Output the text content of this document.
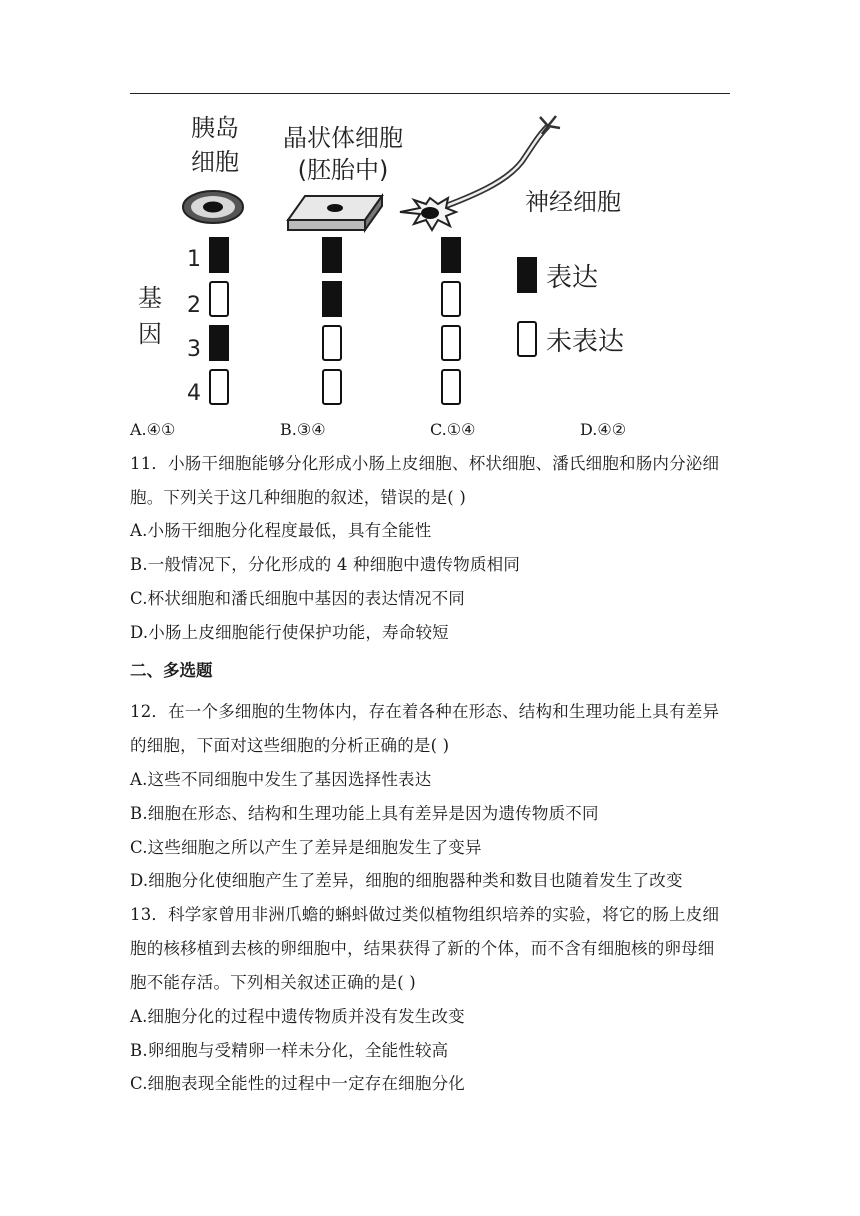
胰岛
细胞
晶状体细胞
(胚胎中)
神经细胞
基
因
1
2
3
4
表达
未表达
A.④①	B.③④	C.①④	D.④②
11．小肠干细胞能够分化形成小肠上皮细胞、杯状细胞、潘氏细胞和肠内分泌细
胞。下列关于这几种细胞的叙述，错误的是( )
A.小肠干细胞分化程度最低，具有全能性
B.一般情况下，分化形成的 4 种细胞中遗传物质相同
C.杯状细胞和潘氏细胞中基因的表达情况不同
D.小肠上皮细胞能行使保护功能，寿命较短
二、多选题
12．在一个多细胞的生物体内，存在着各种在形态、结构和生理功能上具有差异
的细胞，下面对这些细胞的分析正确的是( )
A.这些不同细胞中发生了基因选择性表达
B.细胞在形态、结构和生理功能上具有差异是因为遗传物质不同
C.这些细胞之所以产生了差异是细胞发生了变异
D.细胞分化使细胞产生了差异，细胞的细胞器种类和数目也随着发生了改变
13．科学家曾用非洲爪蟾的蝌蚪做过类似植物组织培养的实验，将它的肠上皮细
胞的核移植到去核的卵细胞中，结果获得了新的个体，而不含有细胞核的卵母细
胞不能存活。下列相关叙述正确的是( )
A.细胞分化的过程中遗传物质并没有发生改变
B.卵细胞与受精卵一样未分化，全能性较高
C.细胞表现全能性的过程中一定存在细胞分化
